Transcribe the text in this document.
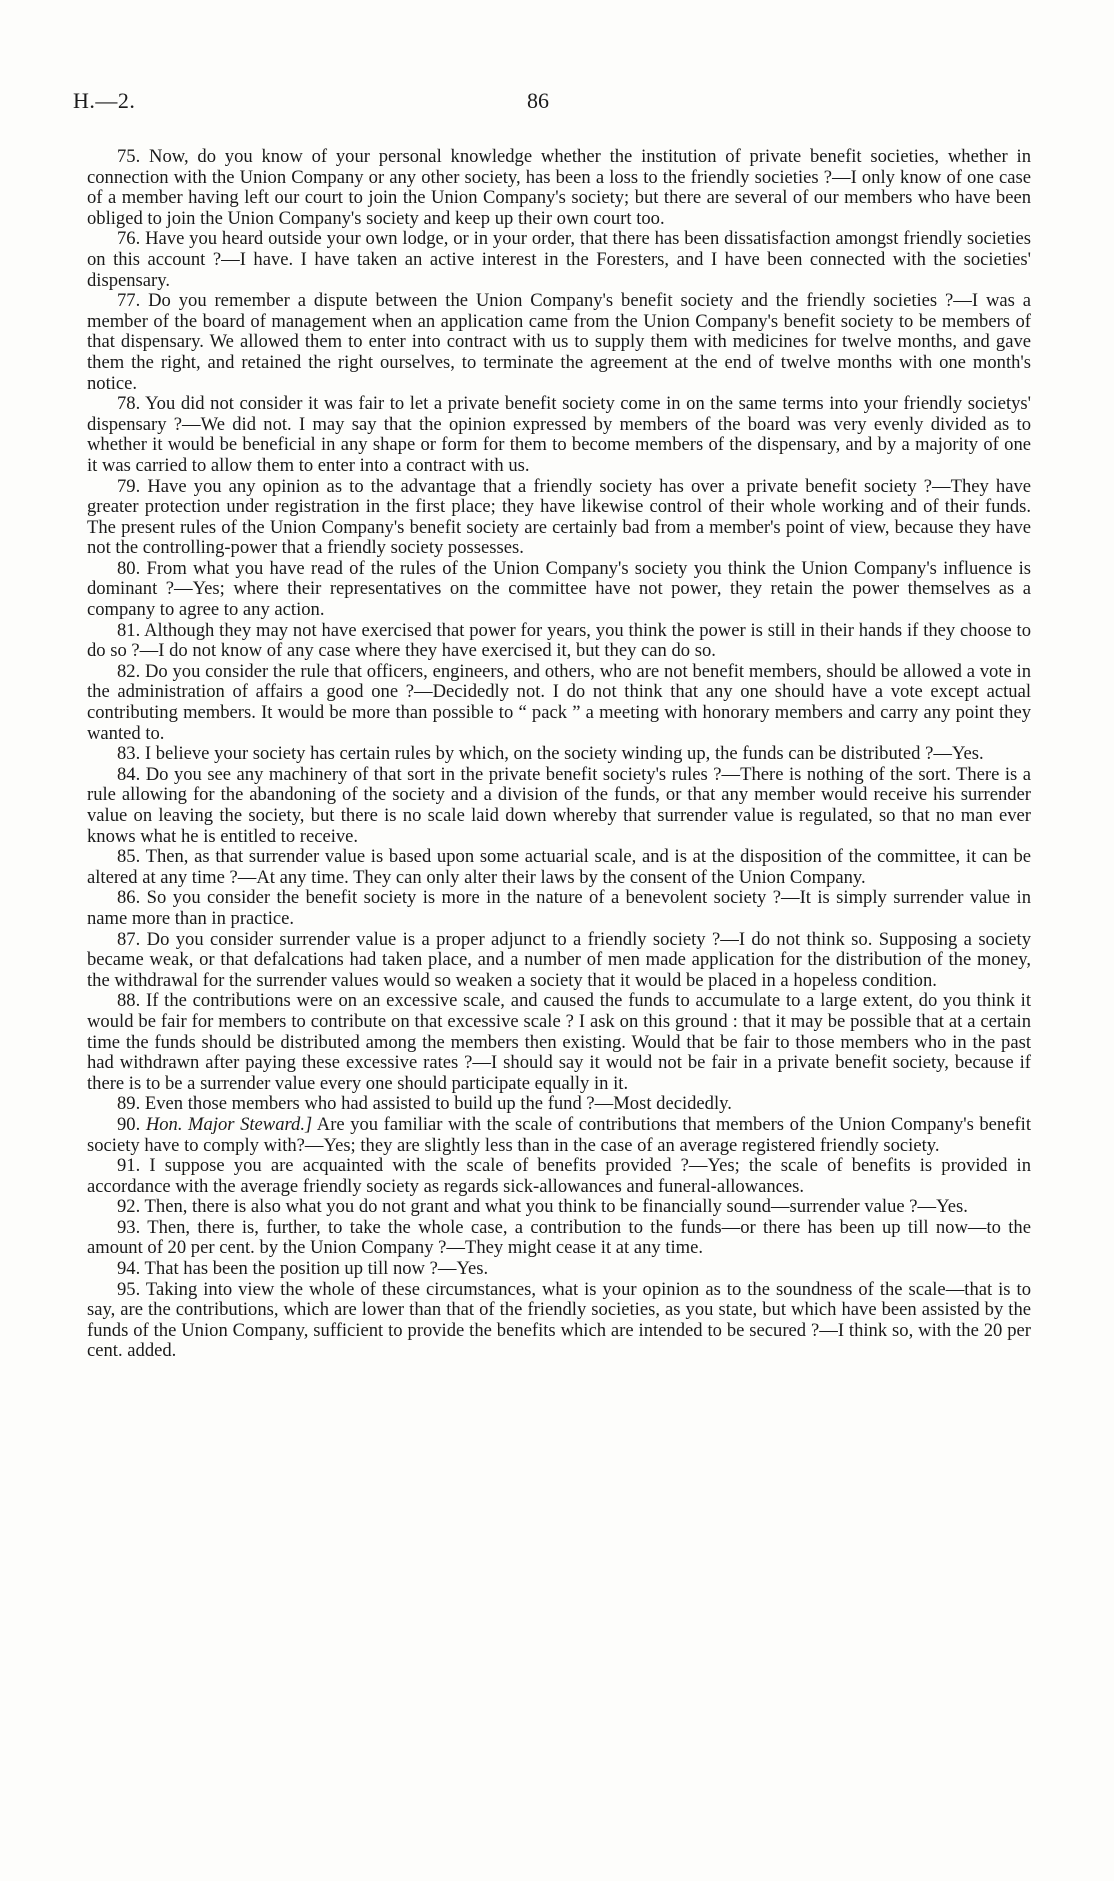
H.—2.	86

75. Now, do you know of your personal knowledge whether the institution of private benefit societies, whether in connection with the Union Company or any other society, has been a loss to the friendly societies ?—I only know of one case of a member having left our court to join the Union Company's society; but there are several of our members who have been obliged to join the Union Company's society and keep up their own court too.

76. Have you heard outside your own lodge, or in your order, that there has been dissatisfaction amongst friendly societies on this account ?—I have. I have taken an active interest in the Foresters, and I have been connected with the societies' dispensary.

77. Do you remember a dispute between the Union Company's benefit society and the friendly societies ?—I was a member of the board of management when an application came from the Union Company's benefit society to be members of that dispensary. We allowed them to enter into contract with us to supply them with medicines for twelve months, and gave them the right, and retained the right ourselves, to terminate the agreement at the end of twelve months with one month's notice.

78. You did not consider it was fair to let a private benefit society come in on the same terms into your friendly societys' dispensary ?—We did not. I may say that the opinion expressed by members of the board was very evenly divided as to whether it would be beneficial in any shape or form for them to become members of the dispensary, and by a majority of one it was carried to allow them to enter into a contract with us.

79. Have you any opinion as to the advantage that a friendly society has over a private benefit society ?—They have greater protection under registration in the first place; they have likewise control of their whole working and of their funds. The present rules of the Union Company's benefit society are certainly bad from a member's point of view, because they have not the controlling-power that a friendly society possesses.

80. From what you have read of the rules of the Union Company's society you think the Union Company's influence is dominant ?—Yes; where their representatives on the committee have not power, they retain the power themselves as a company to agree to any action.

81. Although they may not have exercised that power for years, you think the power is still in their hands if they choose to do so ?—I do not know of any case where they have exercised it, but they can do so.

82. Do you consider the rule that officers, engineers, and others, who are not benefit members, should be allowed a vote in the administration of affairs a good one ?—Decidedly not. I do not think that any one should have a vote except actual contributing members. It would be more than possible to “ pack ” a meeting with honorary members and carry any point they wanted to.

83. I believe your society has certain rules by which, on the society winding up, the funds can be distributed ?—Yes.

84. Do you see any machinery of that sort in the private benefit society's rules ?—There is nothing of the sort. There is a rule allowing for the abandoning of the society and a division of the funds, or that any member would receive his surrender value on leaving the society, but there is no scale laid down whereby that surrender value is regulated, so that no man ever knows what he is entitled to receive.

85. Then, as that surrender value is based upon some actuarial scale, and is at the disposition of the committee, it can be altered at any time ?—At any time. They can only alter their laws by the consent of the Union Company.

86. So you consider the benefit society is more in the nature of a benevolent society ?—It is simply surrender value in name more than in practice.

87. Do you consider surrender value is a proper adjunct to a friendly society ?—I do not think so. Supposing a society became weak, or that defalcations had taken place, and a number of men made application for the distribution of the money, the withdrawal for the surrender values would so weaken a society that it would be placed in a hopeless condition.

88. If the contributions were on an excessive scale, and caused the funds to accumulate to a large extent, do you think it would be fair for members to contribute on that excessive scale ? I ask on this ground : that it may be possible that at a certain time the funds should be distributed among the members then existing. Would that be fair to those members who in the past had withdrawn after paying these excessive rates ?—I should say it would not be fair in a private benefit society, because if there is to be a surrender value every one should participate equally in it.

89. Even those members who had assisted to build up the fund ?—Most decidedly.

90. Hon. Major Steward.] Are you familiar with the scale of contributions that members of the Union Company's benefit society have to comply with?—Yes; they are slightly less than in the case of an average registered friendly society.

91. I suppose you are acquainted with the scale of benefits provided ?—Yes; the scale of benefits is provided in accordance with the average friendly society as regards sick-allowances and funeral-allowances.

92. Then, there is also what you do not grant and what you think to be financially sound—surrender value ?—Yes.

93. Then, there is, further, to take the whole case, a contribution to the funds—or there has been up till now—to the amount of 20 per cent. by the Union Company ?—They might cease it at any time.

94. That has been the position up till now ?—Yes.

95. Taking into view the whole of these circumstances, what is your opinion as to the soundness of the scale—that is to say, are the contributions, which are lower than that of the friendly societies, as you state, but which have been assisted by the funds of the Union Company, sufficient to provide the benefits which are intended to be secured ?—I think so, with the 20 per cent. added.
